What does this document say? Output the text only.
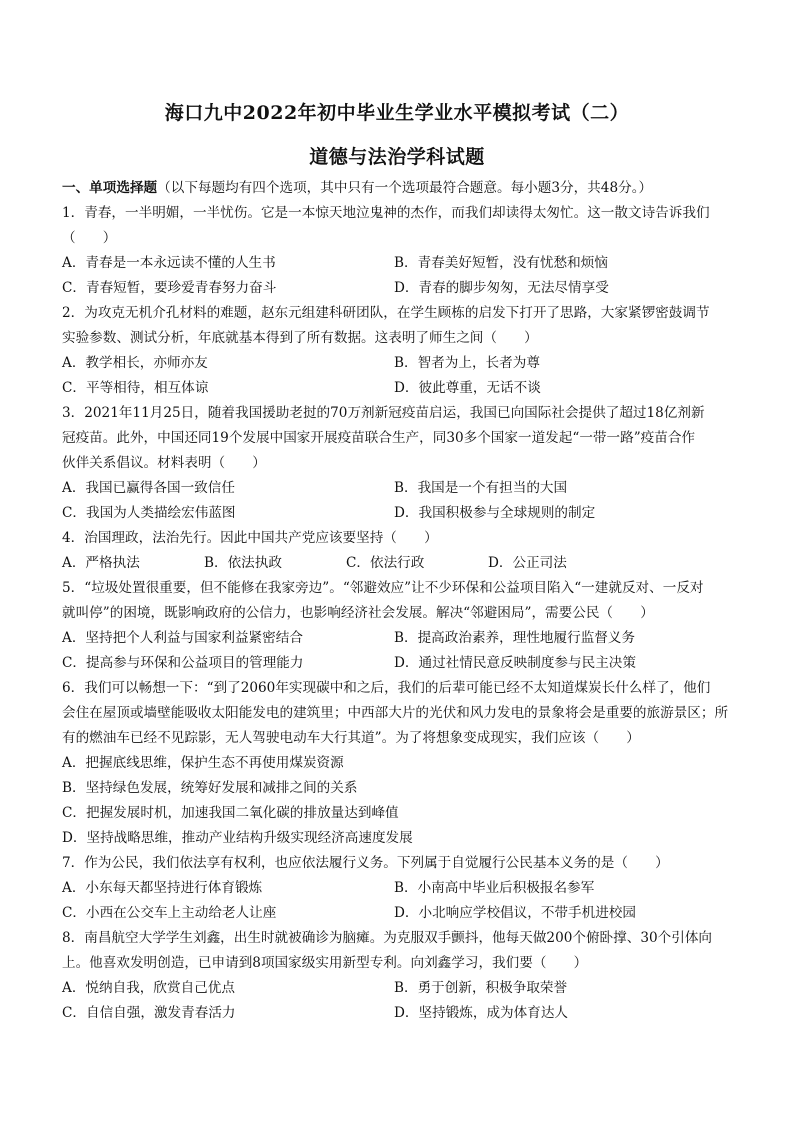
海口九中2022年初中毕业生学业水平模拟考试（二）
道德与法治学科试题
一、单项选择题（以下每题均有四个选项，其中只有一个选项最符合题意。每小题3分，共48分。）
1．青春，一半明媚，一半忧伤。它是一本惊天地泣鬼神的杰作，而我们却读得太匆忙。这一散文诗告诉我们
（　　）
A．青春是一本永远读不懂的人生书	B．青春美好短暂，没有忧愁和烦恼
C．青春短暂，要珍爱青春努力奋斗	D．青春的脚步匆匆，无法尽情享受
2．为攻克无机介孔材料的难题，赵东元组建科研团队，在学生顾栋的启发下打开了思路，大家紧锣密鼓调节
实验参数、测试分析，年底就基本得到了所有数据。这表明了师生之间（　　）
A．教学相长，亦师亦友	B．智者为上，长者为尊
C．平等相待，相互体谅	D．彼此尊重，无话不谈
3．2021年11月25日，随着我国援助老挝的70万剂新冠疫苗启运，我国已向国际社会提供了超过18亿剂新
冠疫苗。此外，中国还同19个发展中国家开展疫苗联合生产，同30多个国家一道发起“一带一路”疫苗合作
伙伴关系倡议。材料表明（　　）
A．我国已赢得各国一致信任	B．我国是一个有担当的大国
C．我国为人类描绘宏伟蓝图	D．我国积极参与全球规则的制定
4．治国理政，法治先行。因此中国共产党应该要坚持（　　）
A．严格执法	B．依法执政	C．依法行政	D．公正司法
5．“垃圾处置很重要，但不能修在我家旁边”。“邻避效应”让不少环保和公益项目陷入“一建就反对、一反对
就叫停”的困境，既影响政府的公信力，也影响经济社会发展。解决“邻避困局”，需要公民（　　）
A．坚持把个人利益与国家利益紧密结合	B．提高政治素养，理性地履行监督义务
C．提高参与环保和公益项目的管理能力	D．通过社情民意反映制度参与民主决策
6．我们可以畅想一下：“到了2060年实现碳中和之后，我们的后辈可能已经不太知道煤炭长什么样了，他们
会住在屋顶或墙壁能吸收太阳能发电的建筑里；中西部大片的光伏和风力发电的景象将会是重要的旅游景区；所
有的燃油车已经不见踪影，无人驾驶电动车大行其道”。为了将想象变成现实，我们应该（　　）
A．把握底线思维，保护生态不再使用煤炭资源
B．坚持绿色发展，统筹好发展和减排之间的关系
C．把握发展时机，加速我国二氧化碳的排放量达到峰值
D．坚持战略思维，推动产业结构升级实现经济高速度发展
7．作为公民，我们依法享有权利，也应依法履行义务。下列属于自觉履行公民基本义务的是（　　）
A．小东每天都坚持进行体育锻炼	B．小南高中毕业后积极报名参军
C．小西在公交车上主动给老人让座	D．小北响应学校倡议，不带手机进校园
8．南昌航空大学学生刘鑫，出生时就被确诊为脑瘫。为克服双手颤抖，他每天做200个俯卧撑、30个引体向
上。他喜欢发明创造，已申请到8项国家级实用新型专利。向刘鑫学习，我们要（　　）
A．悦纳自我，欣赏自己优点	B．勇于创新，积极争取荣誉
C．自信自强，激发青春活力	D．坚持锻炼，成为体育达人
